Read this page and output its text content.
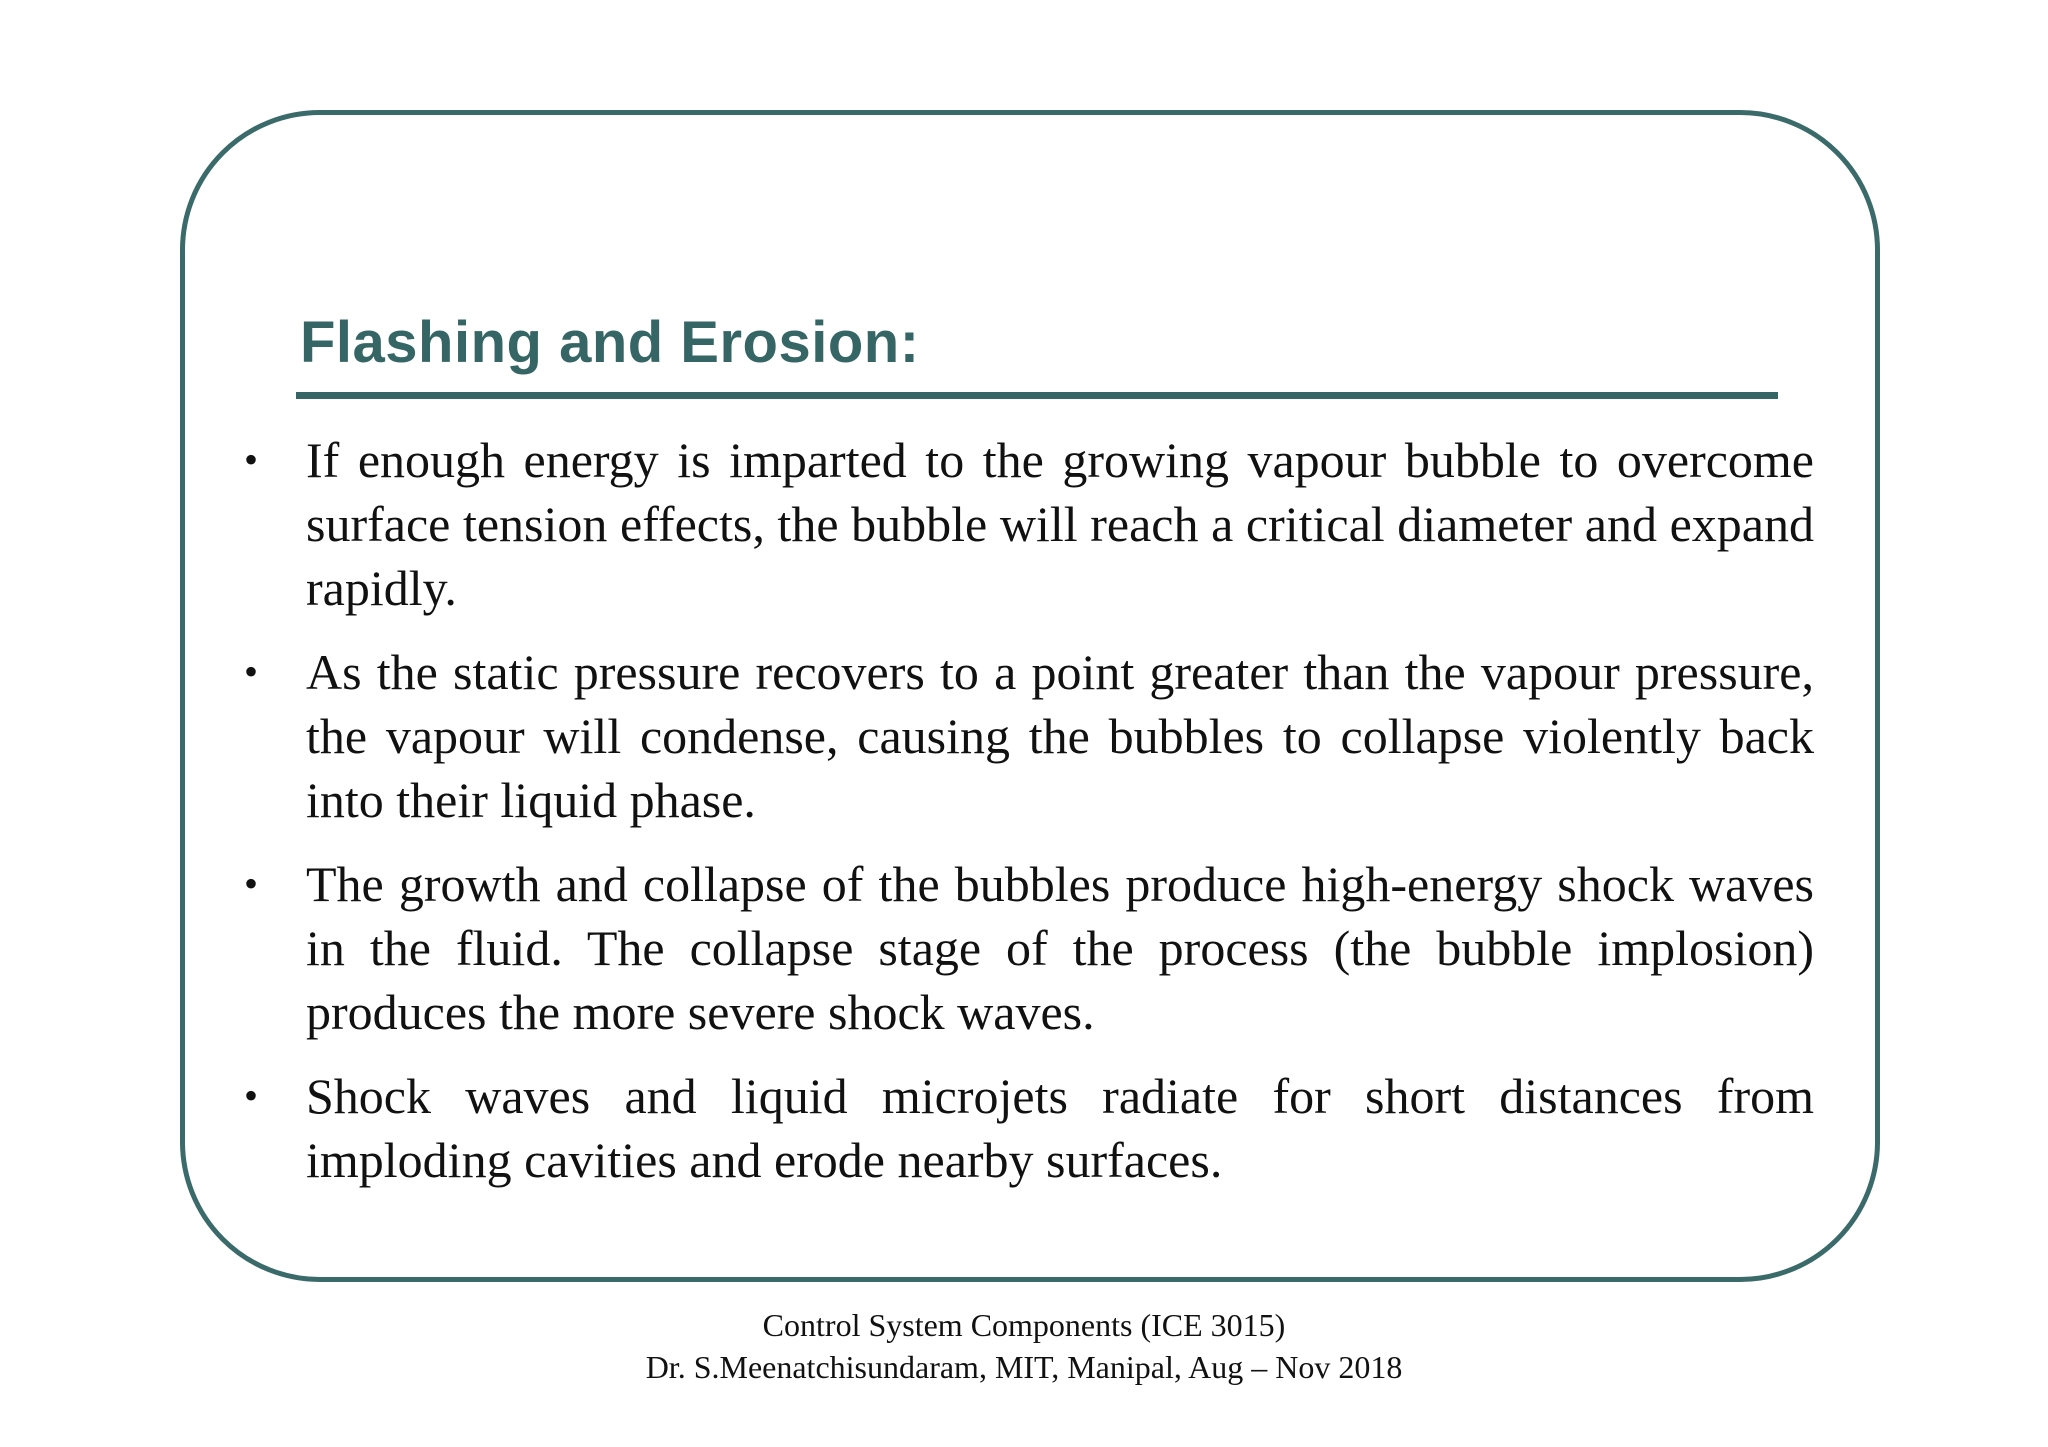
Flashing and Erosion:
• If enough energy is imparted to the growing vapour bubble to overcome surface tension effects, the bubble will reach a critical diameter and expand rapidly.
• As the static pressure recovers to a point greater than the vapour pressure, the vapour will condense, causing the bubbles to collapse violently back into their liquid phase.
• The growth and collapse of the bubbles produce high-energy shock waves in the fluid. The collapse stage of the process (the bubble implosion) produces the more severe shock waves.
• Shock waves and liquid microjets radiate for short distances from imploding cavities and erode nearby surfaces.
Control System Components (ICE 3015)
Dr. S.Meenatchisundaram, MIT, Manipal, Aug – Nov 2018
